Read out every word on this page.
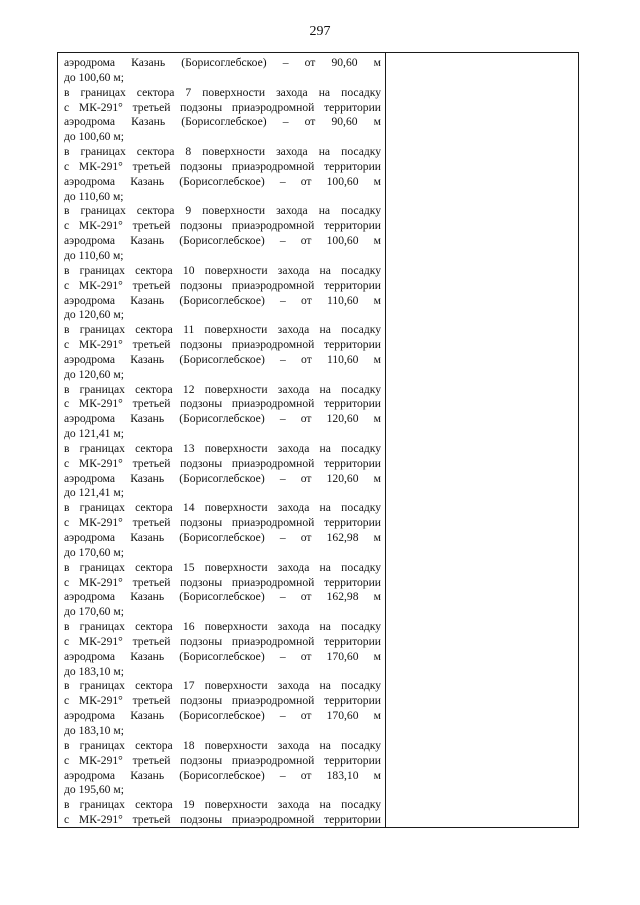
297
аэродрома Казань (Борисоглебское) – от 90,60 м
до 100,60 м;
в границах сектора 7 поверхности захода на посадку
с МК-291° третьей подзоны приаэродромной территории
аэродрома Казань (Борисоглебское) – от 90,60 м
до 100,60 м;
в границах сектора 8 поверхности захода на посадку
с МК-291° третьей подзоны приаэродромной территории
аэродрома Казань (Борисоглебское) – от 100,60 м
до 110,60 м;
в границах сектора 9 поверхности захода на посадку
с МК-291° третьей подзоны приаэродромной территории
аэродрома Казань (Борисоглебское) – от 100,60 м
до 110,60 м;
в границах сектора 10 поверхности захода на посадку
с МК-291° третьей подзоны приаэродромной территории
аэродрома Казань (Борисоглебское) – от 110,60 м
до 120,60 м;
в границах сектора 11 поверхности захода на посадку
с МК-291° третьей подзоны приаэродромной территории
аэродрома Казань (Борисоглебское) – от 110,60 м
до 120,60 м;
в границах сектора 12 поверхности захода на посадку
с МК-291° третьей подзоны приаэродромной территории
аэродрома Казань (Борисоглебское) – от 120,60 м
до 121,41 м;
в границах сектора 13 поверхности захода на посадку
с МК-291° третьей подзоны приаэродромной территории
аэродрома Казань (Борисоглебское) – от 120,60 м
до 121,41 м;
в границах сектора 14 поверхности захода на посадку
с МК-291° третьей подзоны приаэродромной территории
аэродрома Казань (Борисоглебское) – от 162,98 м
до 170,60 м;
в границах сектора 15 поверхности захода на посадку
с МК-291° третьей подзоны приаэродромной территории
аэродрома Казань (Борисоглебское) – от 162,98 м
до 170,60 м;
в границах сектора 16 поверхности захода на посадку
с МК-291° третьей подзоны приаэродромной территории
аэродрома Казань (Борисоглебское) – от 170,60 м
до 183,10 м;
в границах сектора 17 поверхности захода на посадку
с МК-291° третьей подзоны приаэродромной территории
аэродрома Казань (Борисоглебское) – от 170,60 м
до 183,10 м;
в границах сектора 18 поверхности захода на посадку
с МК-291° третьей подзоны приаэродромной территории
аэродрома Казань (Борисоглебское) – от 183,10 м
до 195,60 м;
в границах сектора 19 поверхности захода на посадку
с МК-291° третьей подзоны приаэродромной территории
